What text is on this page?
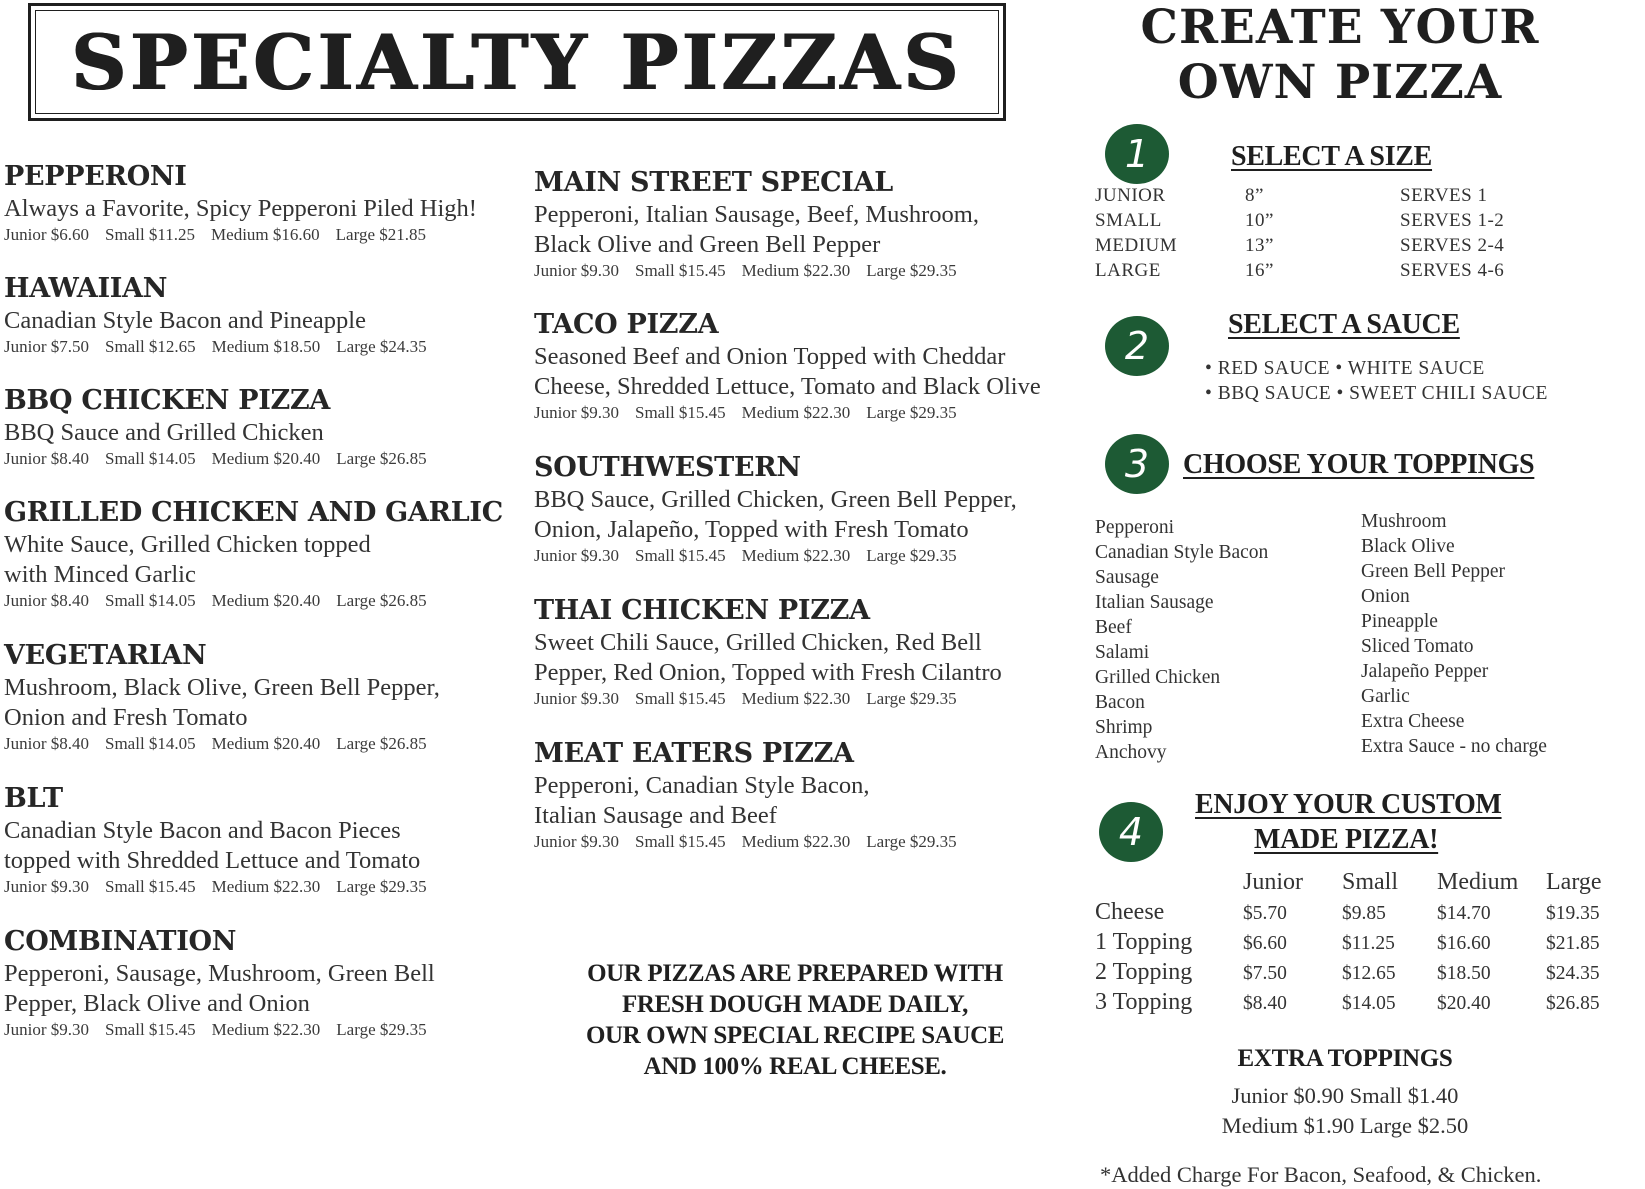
SPECIALTY PIZZAS
PEPPERONI
Always a Favorite, Spicy Pepperoni Piled High!
Junior $6.60 Small $11.25 Medium $16.60 Large $21.85
HAWAIIAN
Canadian Style Bacon and Pineapple
Junior $7.50 Small $12.65 Medium $18.50 Large $24.35
BBQ CHICKEN PIZZA
BBQ Sauce and Grilled Chicken
Junior $8.40 Small $14.05 Medium $20.40 Large $26.85
GRILLED CHICKEN AND GARLIC
White Sauce, Grilled Chicken topped
with Minced Garlic
Junior $8.40 Small $14.05 Medium $20.40 Large $26.85
VEGETARIAN
Mushroom, Black Olive, Green Bell Pepper,
Onion and Fresh Tomato
Junior $8.40 Small $14.05 Medium $20.40 Large $26.85
BLT
Canadian Style Bacon and Bacon Pieces
topped with Shredded Lettuce and Tomato
Junior $9.30 Small $15.45 Medium $22.30 Large $29.35
COMBINATION
Pepperoni, Sausage, Mushroom, Green Bell
Pepper, Black Olive and Onion
Junior $9.30 Small $15.45 Medium $22.30 Large $29.35
MAIN STREET SPECIAL
Pepperoni, Italian Sausage, Beef, Mushroom,
Black Olive and Green Bell Pepper
Junior $9.30 Small $15.45 Medium $22.30 Large $29.35
TACO PIZZA
Seasoned Beef and Onion Topped with Cheddar
Cheese, Shredded Lettuce, Tomato and Black Olive
Junior $9.30 Small $15.45 Medium $22.30 Large $29.35
SOUTHWESTERN
BBQ Sauce, Grilled Chicken, Green Bell Pepper,
Onion, Jalapeño, Topped with Fresh Tomato
Junior $9.30 Small $15.45 Medium $22.30 Large $29.35
THAI CHICKEN PIZZA
Sweet Chili Sauce, Grilled Chicken, Red Bell
Pepper, Red Onion, Topped with Fresh Cilantro
Junior $9.30 Small $15.45 Medium $22.30 Large $29.35
MEAT EATERS PIZZA
Pepperoni, Canadian Style Bacon,
Italian Sausage and Beef
Junior $9.30 Small $15.45 Medium $22.30 Large $29.35
OUR PIZZAS ARE PREPARED WITH
FRESH DOUGH MADE DAILY,
OUR OWN SPECIAL RECIPE SAUCE
AND 100% REAL CHEESE.
CREATE YOUR
OWN PIZZA
1	SELECT A SIZE
JUNIOR	8”	SERVES 1
SMALL	10”	SERVES 1-2
MEDIUM	13”	SERVES 2-4
LARGE	16”	SERVES 4-6
2	SELECT A SAUCE
• RED SAUCE • WHITE SAUCE
• BBQ SAUCE • SWEET CHILI SAUCE
3	CHOOSE YOUR TOPPINGS
Pepperoni
Canadian Style Bacon
Sausage
Italian Sausage
Beef
Salami
Grilled Chicken
Bacon
Shrimp
Anchovy
Mushroom
Black Olive
Green Bell Pepper
Onion
Pineapple
Sliced Tomato
Jalapeño Pepper
Garlic
Extra Cheese
Extra Sauce - no charge
4
ENJOY YOUR CUSTOM
MADE PIZZA!
Junior Small Medium Large
Cheese	$5.70	$9.85	$14.70	$19.35
1 Topping	$6.60	$11.25 $16.60	$21.85
2 Topping	$7.50	$12.65 $18.50	$24.35
3 Topping	$8.40	$14.05 $20.40	$26.85
EXTRA TOPPINGS
Junior $0.90 Small $1.40
Medium $1.90 Large $2.50
*Added Charge For Bacon, Seafood, & Chicken.
